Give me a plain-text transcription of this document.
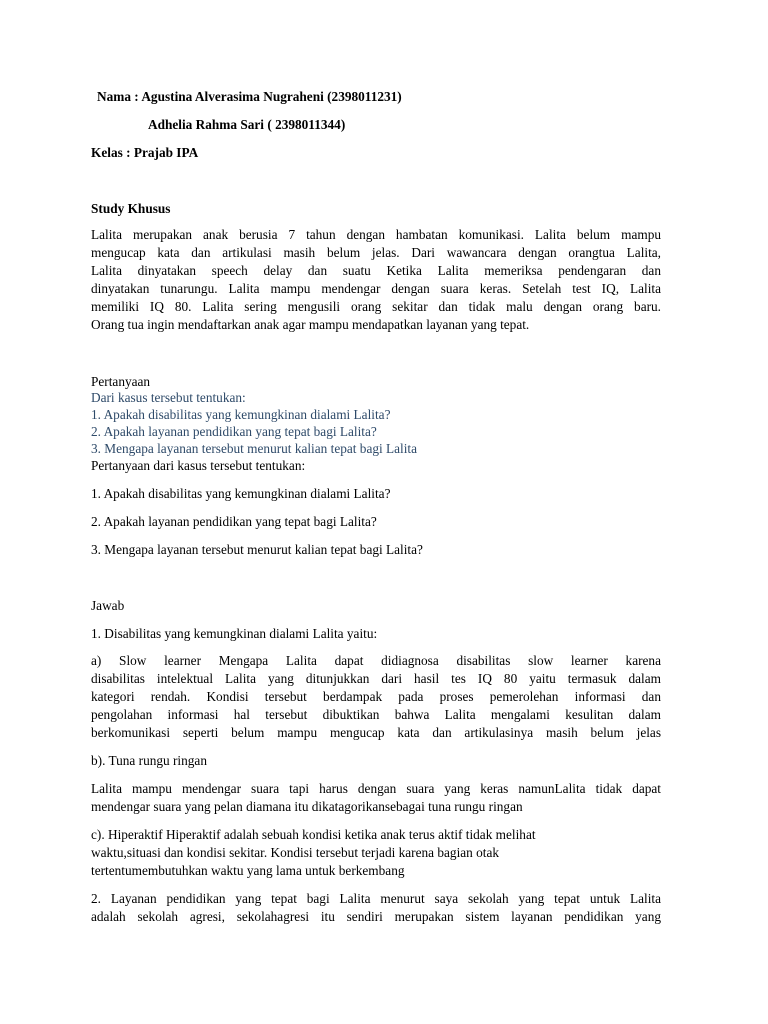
Nama : Agustina Alverasima Nugraheni (2398011231)
Adhelia Rahma Sari ( 2398011344)
Kelas : Prajab IPA
Study Khusus
Lalita merupakan anak berusia 7 tahun dengan hambatan komunikasi. Lalita belum mampu
mengucap kata dan artikulasi masih belum jelas. Dari wawancara dengan orangtua Lalita,
Lalita dinyatakan speech delay dan suatu Ketika Lalita memeriksa pendengaran dan
dinyatakan tunarungu. Lalita mampu mendengar dengan suara keras. Setelah test IQ, Lalita
memiliki IQ 80. Lalita sering mengusili orang sekitar dan tidak malu dengan orang baru.
Orang tua ingin mendaftarkan anak agar mampu mendapatkan layanan yang tepat.
Pertanyaan
Dari kasus tersebut tentukan:
1. Apakah disabilitas yang kemungkinan dialami Lalita?
2. Apakah layanan pendidikan yang tepat bagi Lalita?
3. Mengapa layanan tersebut menurut kalian tepat bagi Lalita
Pertanyaan dari kasus tersebut tentukan:
1. Apakah disabilitas yang kemungkinan dialami Lalita?
2. Apakah layanan pendidikan yang tepat bagi Lalita?
3. Mengapa layanan tersebut menurut kalian tepat bagi Lalita?
Jawab
1. Disabilitas yang kemungkinan dialami Lalita yaitu:
a) Slow learner Mengapa Lalita dapat didiagnosa disabilitas slow learner karena
disabilitas intelektual Lalita yang ditunjukkan dari hasil tes IQ 80 yaitu termasuk dalam
kategori rendah. Kondisi tersebut berdampak pada proses pemerolehan informasi dan
pengolahan informasi hal tersebut dibuktikan bahwa Lalita mengalami kesulitan dalam
berkomunikasi seperti belum mampu mengucap kata dan artikulasinya masih belum jelas
b). Tuna rungu ringan
Lalita mampu mendengar suara tapi harus dengan suara yang keras namunLalita tidak dapat
mendengar suara yang pelan diamana itu dikatagorikansebagai tuna rungu ringan
c). Hiperaktif Hiperaktif adalah sebuah kondisi ketika anak terus aktif tidak melihat
waktu,situasi dan kondisi sekitar. Kondisi tersebut terjadi karena bagian otak
tertentumembutuhkan waktu yang lama untuk berkembang
2. Layanan pendidikan yang tepat bagi Lalita menurut saya sekolah yang tepat untuk Lalita
adalah sekolah agresi, sekolahagresi itu sendiri merupakan sistem layanan pendidikan yang
